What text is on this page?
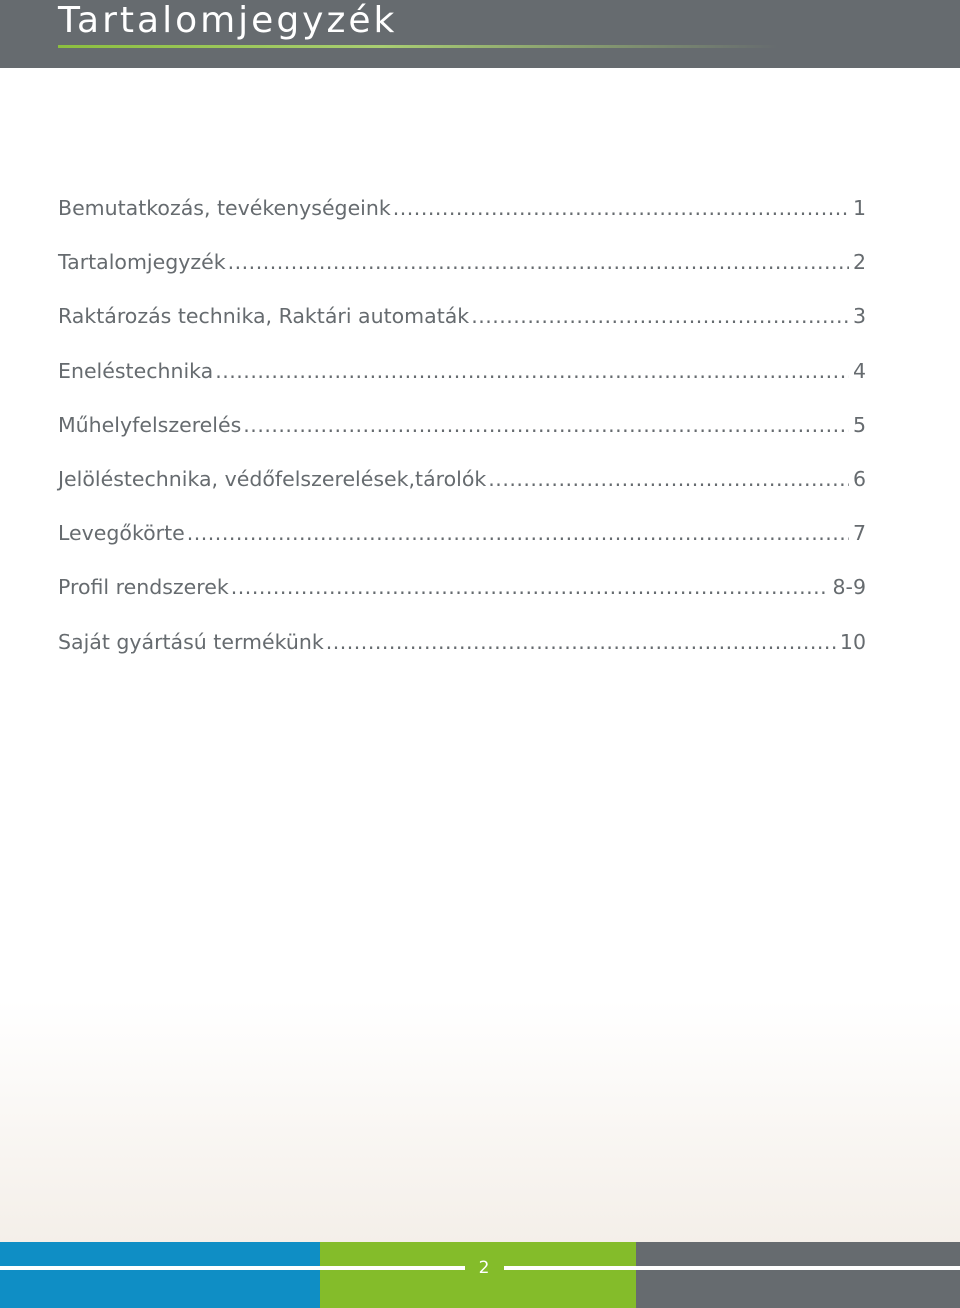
Tartalomjegyzék
Bemutatkozás, tevékenységeink .....	1
Tartalomjegyzék .....	2
Raktározás technika, Raktári automaták .....	3
Eneléstechnika .....	4
Műhelyfelszerelés .....	5
Jelöléstechnika, védőfelszerelések,tárolók .....	6
Levegőkörte .....	7
Profil rendszerek .....	8-9
Saját gyártású termékünk .....	10
2
